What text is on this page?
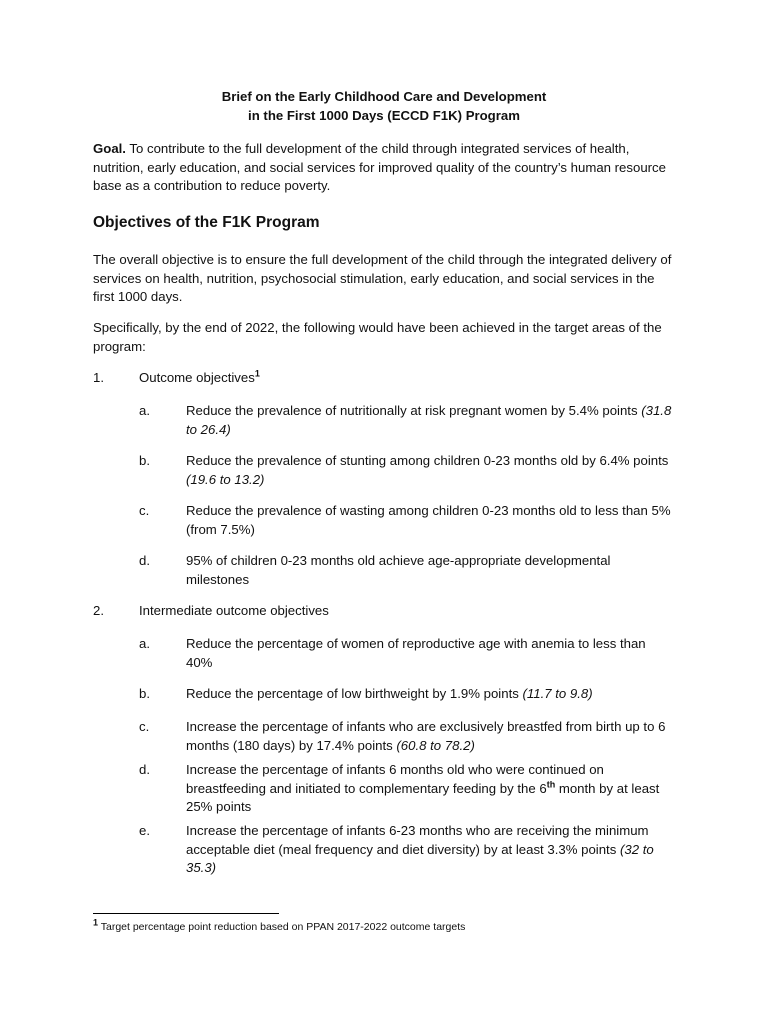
Brief on the Early Childhood Care and Development
in the First 1000 Days (ECCD F1K) Program
Goal. To contribute to the full development of the child through integrated services of health, nutrition, early education, and social services for improved quality of the country’s human resource base as a contribution to reduce poverty.
Objectives of the F1K Program
The overall objective is to ensure the full development of the child through the integrated delivery of services on health, nutrition, psychosocial stimulation, early education, and social services in the first 1000 days.
Specifically, by the end of 2022, the following would have been achieved in the target areas of the program:
1.	Outcome objectives$^1$
a.	Reduce the prevalence of nutritionally at risk pregnant women by 5.4% points (31.8 to 26.4)
b.	Reduce the prevalence of stunting among children 0-23 months old by 6.4% points (19.6 to 13.2)
c.	Reduce the prevalence of wasting among children 0-23 months old to less than 5% (from 7.5%)
d.	95% of children 0-23 months old achieve age-appropriate developmental milestones
2.	Intermediate outcome objectives
a.	Reduce the percentage of women of reproductive age with anemia to less than 40%
b.	Reduce the percentage of low birthweight by 1.9% points (11.7 to 9.8)
c.	Increase the percentage of infants who are exclusively breastfed from birth up to 6 months (180 days) by 17.4% points (60.8 to 78.2)
d.	Increase the percentage of infants 6 months old who were continued on breastfeeding and initiated to complementary feeding by the 6th month by at least 25% points
e.	Increase the percentage of infants 6-23 months who are receiving the minimum acceptable diet (meal frequency and diet diversity) by at least 3.3% points (32 to 35.3)
$^1$ Target percentage point reduction based on PPAN 2017-2022 outcome targets
